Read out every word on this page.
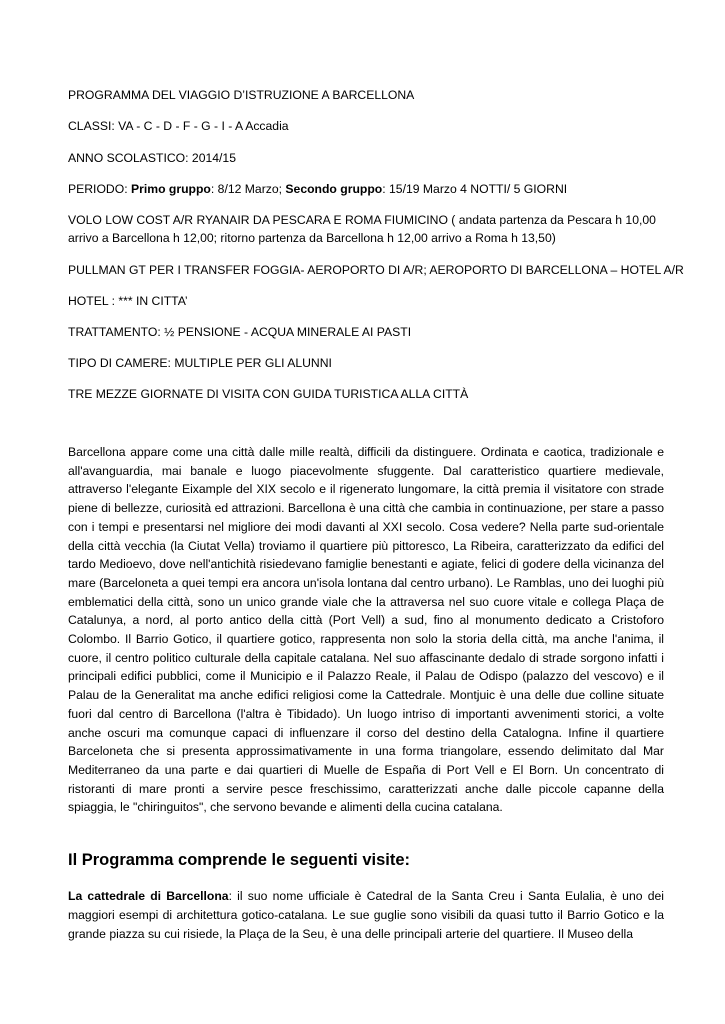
PROGRAMMA DEL VIAGGIO D’ISTRUZIONE A BARCELLONA
CLASSI: VA - C - D - F - G - I - A Accadia
ANNO SCOLASTICO: 2014/15
PERIODO: Primo gruppo: 8/12 Marzo; Secondo gruppo: 15/19 Marzo 4 NOTTI/ 5 GIORNI
VOLO LOW COST A/R RYANAIR DA PESCARA E ROMA FIUMICINO ( andata partenza da Pescara h 10,00
arrivo a Barcellona h 12,00; ritorno partenza da Barcellona h 12,00 arrivo a Roma h 13,50)
PULLMAN GT PER I TRANSFER FOGGIA- AEROPORTO DI A/R; AEROPORTO DI BARCELLONA – HOTEL A/R
HOTEL : *** IN CITTA’
TRATTAMENTO: ½ PENSIONE - ACQUA MINERALE AI PASTI
TIPO DI CAMERE: MULTIPLE PER GLI ALUNNI
TRE MEZZE GIORNATE DI VISITA CON GUIDA TURISTICA ALLA CITTÀ
Barcellona appare come una città dalle mille realtà, difficili da distinguere. Ordinata e caotica, tradizionale e all'avanguardia, mai banale e luogo piacevolmente sfuggente. Dal caratteristico quartiere medievale, attraverso l'elegante Eixample del XIX secolo e il rigenerato lungomare, la città premia il visitatore con strade piene di bellezze, curiosità ed attrazioni. Barcellona è una città che cambia in continuazione, per stare a passo con i tempi e presentarsi nel migliore dei modi davanti al XXI secolo. Cosa vedere? Nella parte sud-orientale della città vecchia (la Ciutat Vella) troviamo il quartiere più pittoresco, La Ribeira, caratterizzato da edifici del tardo Medioevo, dove nell'antichità risiedevano famiglie benestanti e agiate, felici di godere della vicinanza del mare (Barceloneta a quei tempi era ancora un'isola lontana dal centro urbano). Le Ramblas, uno dei luoghi più emblematici della città, sono un unico grande viale che la attraversa nel suo cuore vitale e collega Plaça de Catalunya, a nord, al porto antico della città (Port Vell) a sud, fino al monumento dedicato a Cristoforo Colombo. Il Barrio Gotico, il quartiere gotico, rappresenta non solo la storia della città, ma anche l'anima, il cuore, il centro politico culturale della capitale catalana. Nel suo affascinante dedalo di strade sorgono infatti i principali edifici pubblici, come il Municipio e il Palazzo Reale, il Palau de Odispo (palazzo del vescovo) e il Palau de la Generalitat ma anche edifici religiosi come la Cattedrale. Montjuic è una delle due colline situate fuori dal centro di Barcellona (l'altra è Tibidado). Un luogo intriso di importanti avvenimenti storici, a volte anche oscuri ma comunque capaci di influenzare il corso del destino della Catalogna. Infine il quartiere Barceloneta che si presenta approssimativamente in una forma triangolare, essendo delimitato dal Mar Mediterraneo da una parte e dai quartieri di Muelle de España di Port Vell e El Born. Un concentrato di ristoranti di mare pronti a servire pesce freschissimo, caratterizzati anche dalle piccole capanne della spiaggia, le "chiringuitos", che servono bevande e alimenti della cucina catalana.
Il Programma comprende le seguenti visite:
La cattedrale di Barcellona: il suo nome ufficiale è Catedral de la Santa Creu i Santa Eulalia, è uno dei maggiori esempi di architettura gotico-catalana. Le sue guglie sono visibili da quasi tutto il Barrio Gotico e la grande piazza su cui risiede, la Plaça de la Seu, è una delle principali arterie del quartiere. Il Museo della
